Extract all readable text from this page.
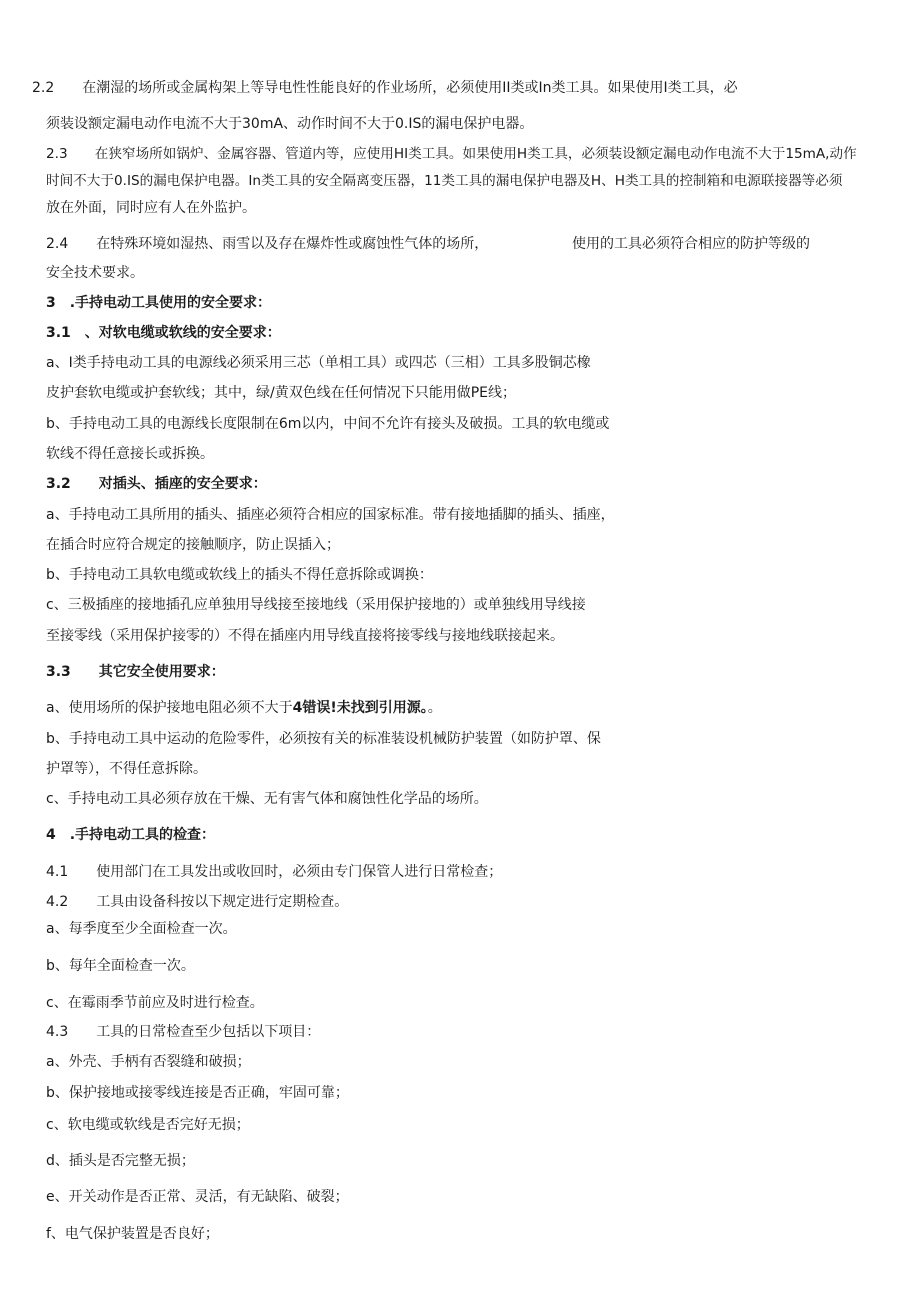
2.2　　在潮湿的场所或金属构架上等导电性性能良好的作业场所，必须使用II类或In类工具。如果使用I类工具，必
须装设额定漏电动作电流不大于30mA、动作时间不大于0.IS的漏电保护电器。
2.3　　在狭窄场所如锅炉、金属容器、管道内等，应使用HI类工具。如果使用H类工具，必须装设额定漏电动作电流不大于15mA,动作
时间不大于0.IS的漏电保护电器。In类工具的安全隔离变压器，11类工具的漏电保护电器及H、H类工具的控制箱和电源联接器等必须
放在外面，同时应有人在外监护。
2.4　　在特殊环境如湿热、雨雪以及存在爆炸性或腐蚀性气体的场所，	使用的工具必须符合相应的防护等级的
安全技术要求。
3　.手持电动工具使用的安全要求：
3.1　、对软电缆或软线的安全要求：
a、I类手持电动工具的电源线必须采用三芯（单相工具）或四芯（三相）工具多股铜芯橡
皮护套软电缆或护套软线；其中，绿/黄双色线在任何情况下只能用做PE线；
b、手持电动工具的电源线长度限制在6m以内，中间不允许有接头及破损。工具的软电缆或
软线不得任意接长或拆换。
3.2　　对插头、插座的安全要求：
a、手持电动工具所用的插头、插座必须符合相应的国家标准。带有接地插脚的插头、插座，
在插合时应符合规定的接触顺序，防止误插入；
b、手持电动工具软电缆或软线上的插头不得任意拆除或调换：
c、三极插座的接地插孔应单独用导线接至接地线（采用保护接地的）或单独线用导线接
至接零线（采用保护接零的）不得在插座内用导线直接将接零线与接地线联接起来。
3.3　　其它安全使用要求：
a、使用场所的保护接地电阻必须不大于4错误!未找到引用源。。
b、手持电动工具中运动的危险零件，必须按有关的标准装设机械防护装置（如防护罩、保
护罩等），不得任意拆除。
c、手持电动工具必须存放在干燥、无有害气体和腐蚀性化学品的场所。
4　.手持电动工具的检查：
4.1　　使用部门在工具发出或收回时，必须由专门保管人进行日常检查；
4.2　　工具由设备科按以下规定进行定期检查。
a、每季度至少全面检查一次。
b、每年全面检查一次。
c、在霉雨季节前应及时进行检查。
4.3　　工具的日常检查至少包括以下项目：
a、外壳、手柄有否裂缝和破损；
b、保护接地或接零线连接是否正确，牢固可靠；
c、软电缆或软线是否完好无损；
d、插头是否完整无损；
e、开关动作是否正常、灵活，有无缺陷、破裂；
f、电气保护装置是否良好；
